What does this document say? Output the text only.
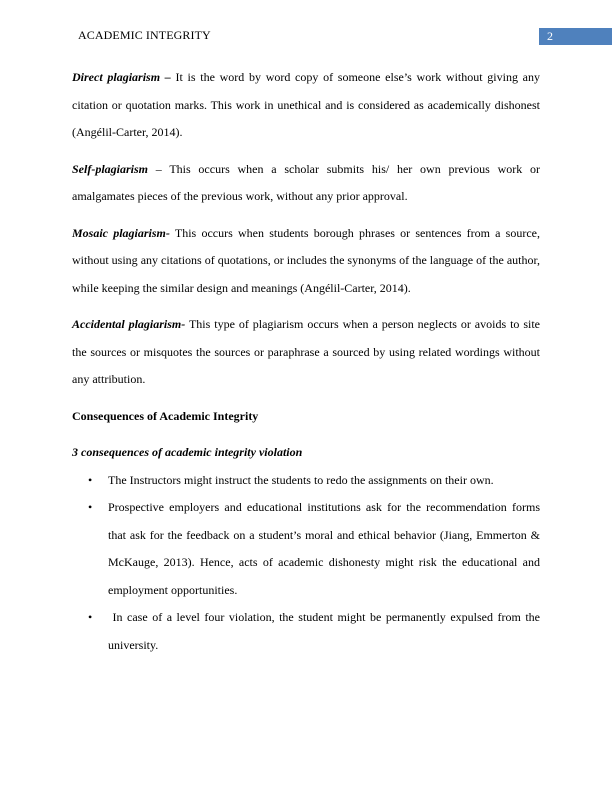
ACADEMIC INTEGRITY	2

Direct plagiarism – It is the word by word copy of someone else’s work without giving any citation or quotation marks. This work in unethical and is considered as academically dishonest (Angélil-Carter, 2014).

Self-plagiarism – This occurs when a scholar submits his/ her own previous work or amalgamates pieces of the previous work, without any prior approval.

Mosaic plagiarism- This occurs when students borough phrases or sentences from a source, without using any citations of quotations, or includes the synonyms of the language of the author, while keeping the similar design and meanings (Angélil-Carter, 2014).

Accidental plagiarism- This type of plagiarism occurs when a person neglects or avoids to site the sources or misquotes the sources or paraphrase a sourced by using related wordings without any attribution.

Consequences of Academic Integrity

3 consequences of academic integrity violation

• The Instructors might instruct the students to redo the assignments on their own.
• Prospective employers and educational institutions ask for the recommendation forms that ask for the feedback on a student’s moral and ethical behavior (Jiang, Emmerton & McKauge, 2013). Hence, acts of academic dishonesty might risk the educational and employment opportunities.
• In case of a level four violation, the student might be permanently expulsed from the university.
